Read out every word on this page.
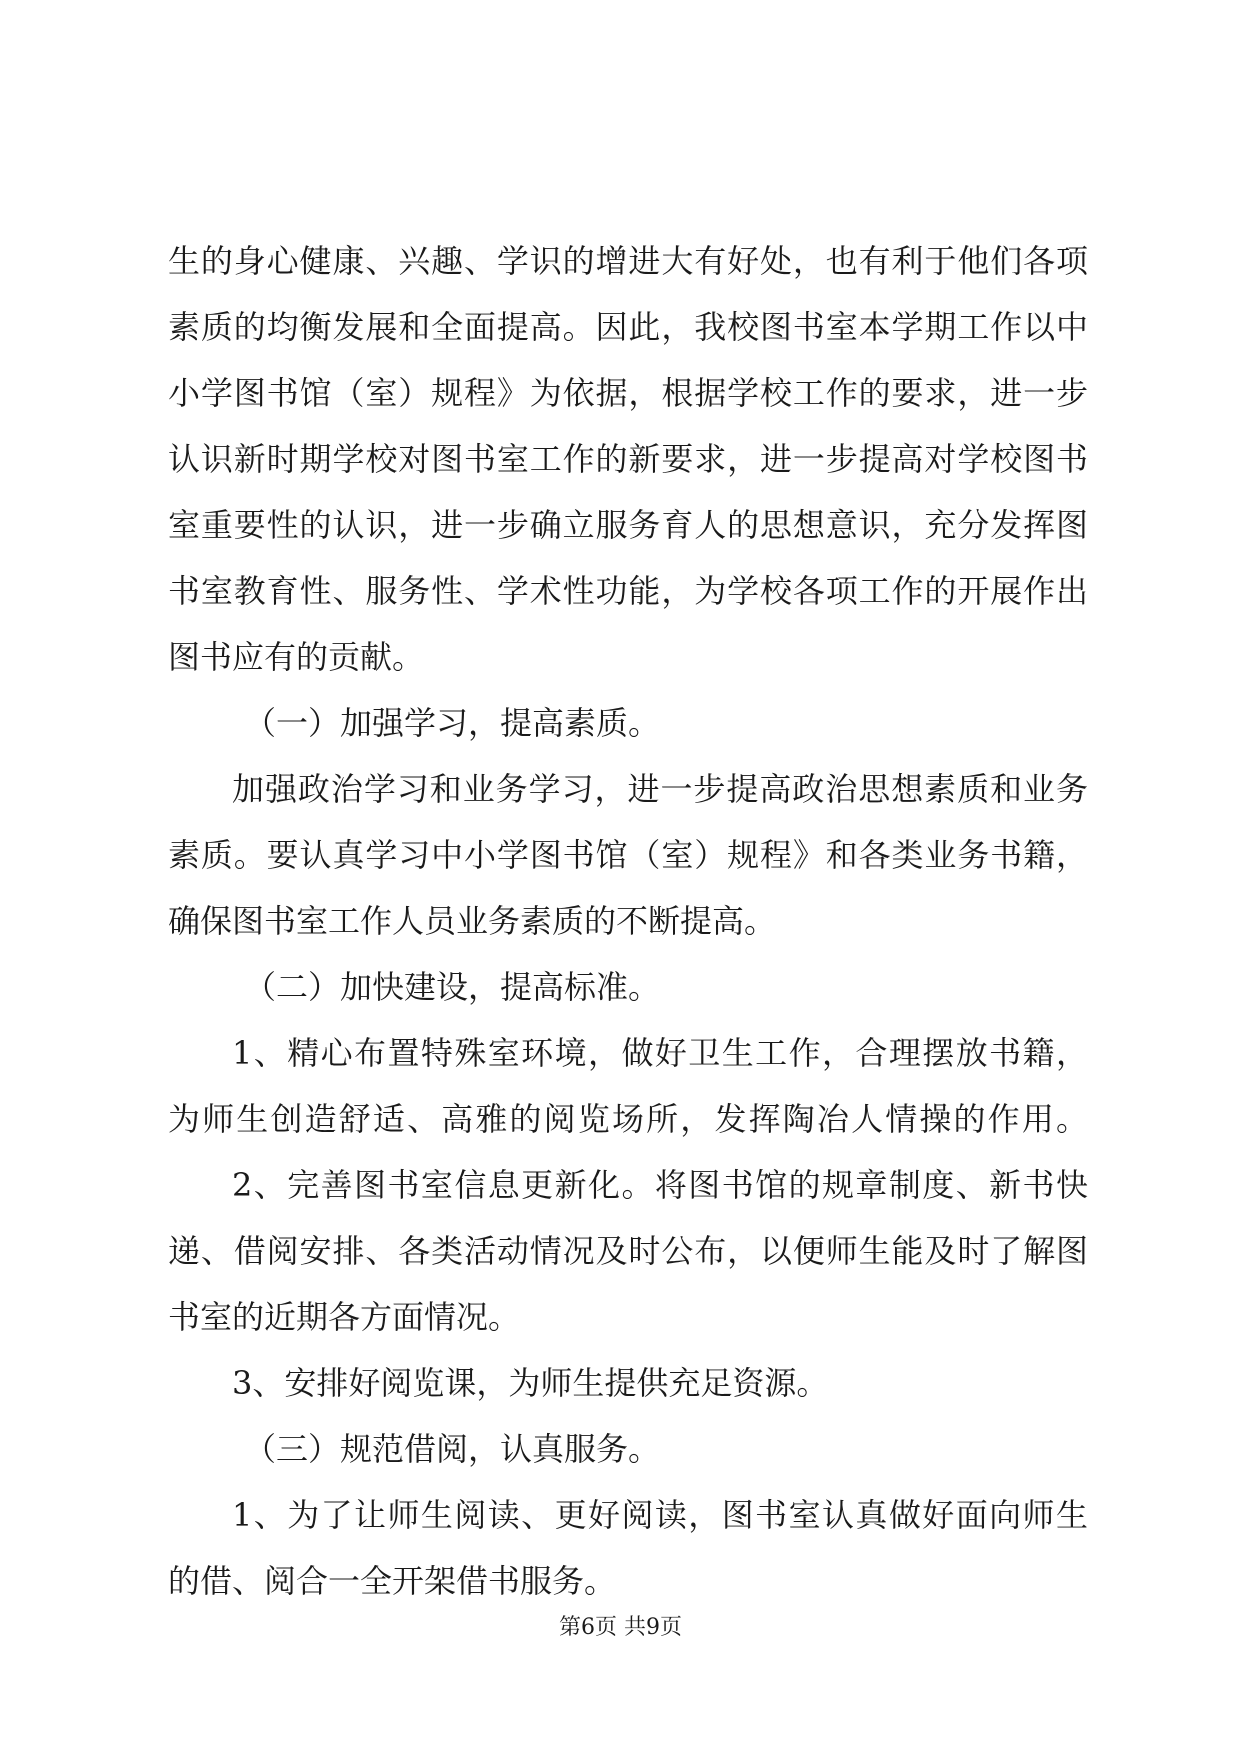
生的身心健康、兴趣、学识的增进大有好处，也有利于他们各项
素质的均衡发展和全面提高。因此，我校图书室本学期工作以中
小学图书馆（室）规程》为依据，根据学校工作的要求，进一步
认识新时期学校对图书室工作的新要求，进一步提高对学校图书
室重要性的认识，进一步确立服务育人的思想意识，充分发挥图
书室教育性、服务性、学术性功能，为学校各项工作的开展作出
图书应有的贡献。
（一）加强学习，提高素质。
加强政治学习和业务学习，进一步提高政治思想素质和业务
素质。要认真学习中小学图书馆（室）规程》和各类业务书籍，
确保图书室工作人员业务素质的不断提高。
（二）加快建设，提高标准。
1、精心布置特殊室环境，做好卫生工作，合理摆放书籍，
为师生创造舒适、高雅的阅览场所，发挥陶冶人情操的作用。
2、完善图书室信息更新化。将图书馆的规章制度、新书快
递、借阅安排、各类活动情况及时公布，以便师生能及时了解图
书室的近期各方面情况。
3、安排好阅览课，为师生提供充足资源。
（三）规范借阅，认真服务。
1、为了让师生阅读、更好阅读，图书室认真做好面向师生
的借、阅合一全开架借书服务。
第6页 共9页
